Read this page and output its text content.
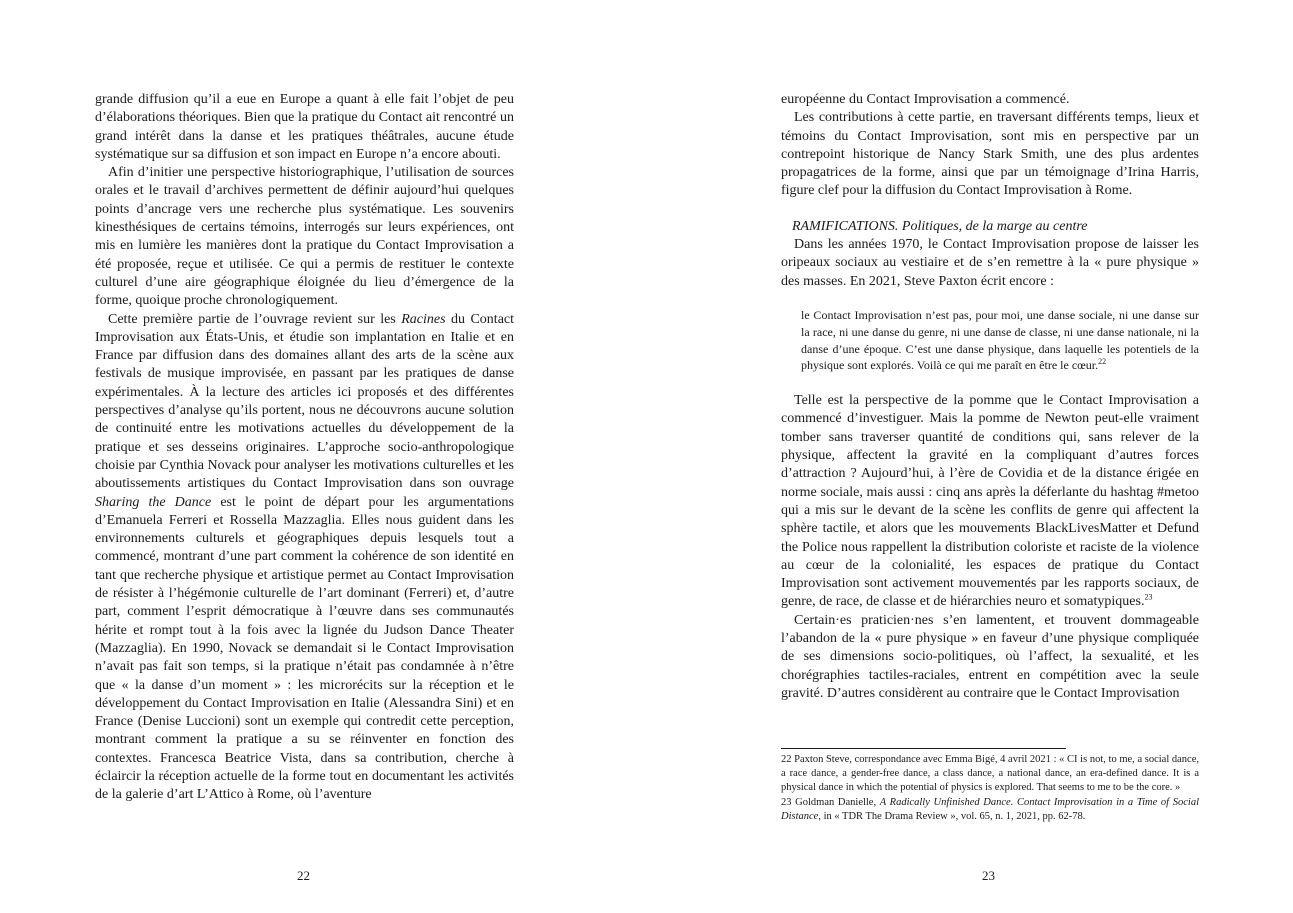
grande diffusion qu’il a eue en Europe a quant à elle fait l’objet de peu d’élaborations théoriques. Bien que la pratique du Contact ait rencontré un grand intérêt dans la danse et les pratiques théâtrales, aucune étude systématique sur sa diffusion et son impact en Europe n’a encore abouti.

Afin d’initier une perspective historiographique, l’utilisation de sources orales et le travail d’archives permettent de définir aujourd’hui quelques points d’ancrage vers une recherche plus systématique. Les souvenirs kinesthésiques de certains témoins, interrogés sur leurs expériences, ont mis en lumière les manières dont la pratique du Contact Improvisation a été proposée, reçue et utilisée. Ce qui a permis de restituer le contexte culturel d’une aire géographique éloignée du lieu d’émergence de la forme, quoique proche chronologiquement.

Cette première partie de l’ouvrage revient sur les Racines du Contact Improvisation aux États-Unis, et étudie son implantation en Italie et en France par diffusion dans des domaines allant des arts de la scène aux festivals de musique improvisée, en passant par les pratiques de danse expérimentales. À la lecture des articles ici proposés et des différentes perspectives d’analyse qu’ils portent, nous ne découvrons aucune solution de continuité entre les motivations actuelles du développement de la pratique et ses desseins originaires. L’approche socio-anthropologique choisie par Cynthia Novack pour analyser les motivations culturelles et les aboutissements artistiques du Contact Improvisation dans son ouvrage Sharing the Dance est le point de départ pour les argumentations d’Emanuela Ferreri et Rossella Mazzaglia. Elles nous guident dans les environnements culturels et géographiques depuis lesquels tout a commencé, montrant d’une part comment la cohérence de son identité en tant que recherche physique et artistique permet au Contact Improvisation de résister à l’hégémonie culturelle de l’art dominant (Ferreri) et, d’autre part, comment l’esprit démocratique à l’œuvre dans ses communautés hérite et rompt tout à la fois avec la lignée du Judson Dance Theater (Mazzaglia). En 1990, Novack se demandait si le Contact Improvisation n’avait pas fait son temps, si la pratique n’était pas condamnée à n’être que « la danse d’un moment » : les microrécits sur la réception et le développement du Contact Improvisation en Italie (Alessandra Sini) et en France (Denise Luccioni) sont un exemple qui contredit cette perception, montrant comment la pratique a su se réinventer en fonction des contextes. Francesca Beatrice Vista, dans sa contribution, cherche à éclaircir la réception actuelle de la forme tout en documentant les activités de la galerie d’art L’Attico à Rome, où l’aventure

22

européenne du Contact Improvisation a commencé.

Les contributions à cette partie, en traversant différents temps, lieux et témoins du Contact Improvisation, sont mis en perspective par un contrepoint historique de Nancy Stark Smith, une des plus ardentes propagatrices de la forme, ainsi que par un témoignage d’Irina Harris, figure clef pour la diffusion du Contact Improvisation à Rome.

RAMIFICATIONS. Politiques, de la marge au centre

Dans les années 1970, le Contact Improvisation propose de laisser les oripeaux sociaux au vestiaire et de s’en remettre à la « pure physique » des masses. En 2021, Steve Paxton écrit encore :

le Contact Improvisation n’est pas, pour moi, une danse sociale, ni une danse sur la race, ni une danse du genre, ni une danse de classe, ni une danse nationale, ni la danse d’une époque. C’est une danse physique, dans laquelle les potentiels de la physique sont explorés. Voilà ce qui me paraît en être le cœur.$^{22}$

Telle est la perspective de la pomme que le Contact Improvisation a commencé d’investiguer. Mais la pomme de Newton peut-elle vraiment tomber sans traverser quantité de conditions qui, sans relever de la physique, affectent la gravité en la compliquant d’autres forces d’attraction ? Aujourd’hui, à l’ère de Covidia et de la distance érigée en norme sociale, mais aussi : cinq ans après la déferlante du hashtag #metoo qui a mis sur le devant de la scène les conflits de genre qui affectent la sphère tactile, et alors que les mouvements BlackLivesMatter et Defund the Police nous rappellent la distribution coloriste et raciste de la violence au cœur de la colonialité, les espaces de pratique du Contact Improvisation sont activement mouvementés par les rapports sociaux, de genre, de race, de classe et de hiérarchies neuro et somatypiques.$^{23}$

Certain·es praticien·nes s’en lamentent, et trouvent dommageable l’abandon de la « pure physique » en faveur d’une physique compliquée de ses dimensions socio-politiques, où l’affect, la sexualité, et les chorégraphies tactiles-raciales, entrent en compétition avec la seule gravité. D’autres considèrent au contraire que le Contact Improvisation

22 Paxton Steve, correspondance avec Emma Bigé, 4 avril 2021 : « CI is not, to me, a social dance, a race dance, a gender-free dance, a class dance, a national dance, an era-defined dance. It is a physical dance in which the potential of physics is explored. That seems to me to be the core. »

23 Goldman Danielle, A Radically Unfinished Dance. Contact Improvisation in a Time of Social Distance, in « TDR The Drama Review », vol. 65, n. 1, 2021, pp. 62-78.

23
